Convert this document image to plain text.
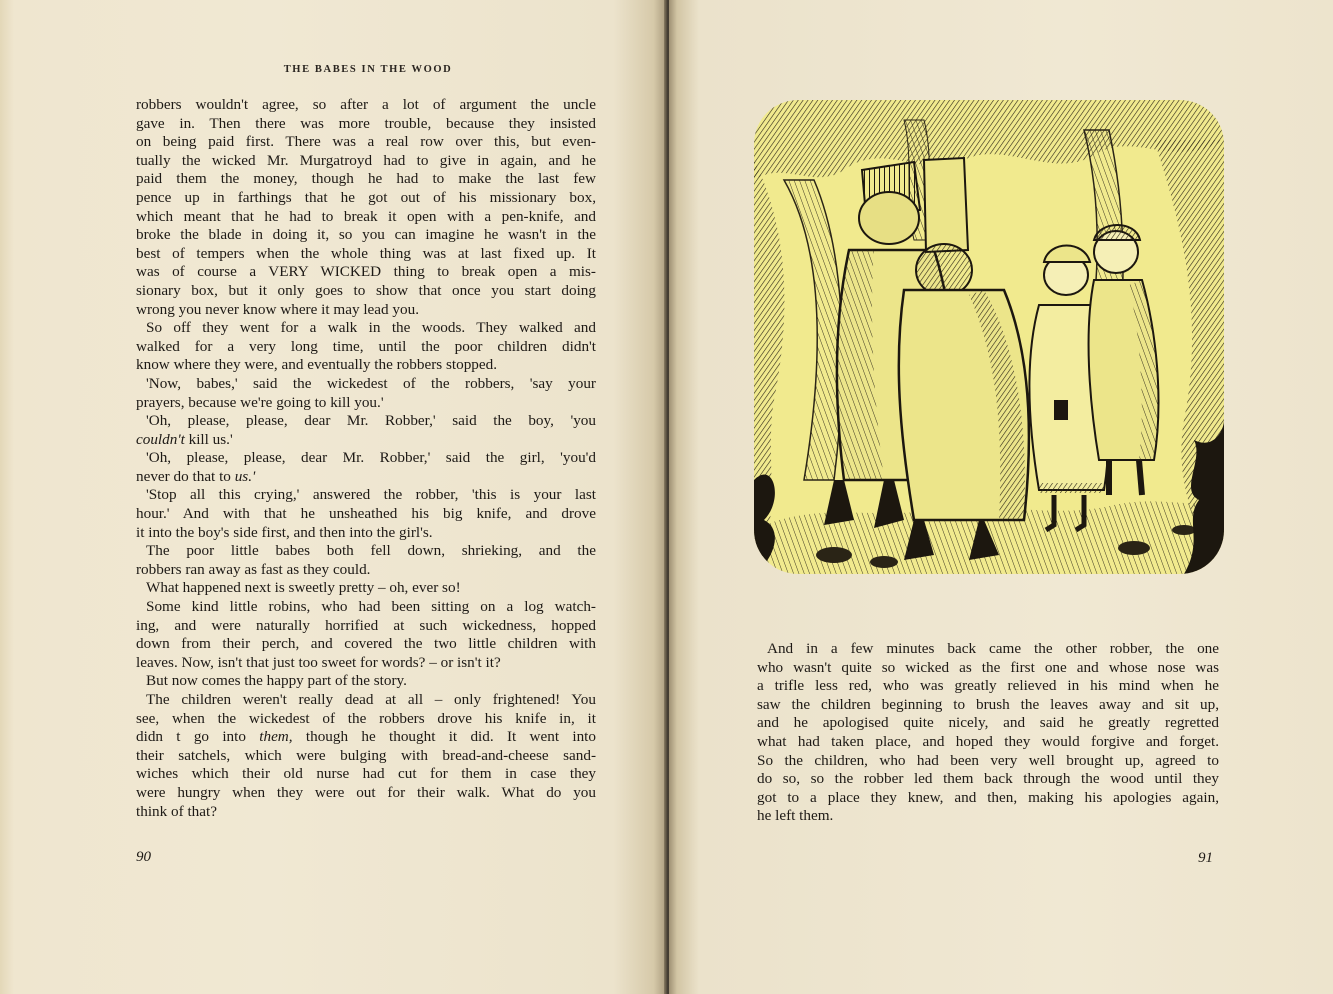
THE BABES IN THE WOOD
robbers wouldn't agree, so after a lot of argument the uncle
gave in. Then there was more trouble, because they insisted
on being paid first. There was a real row over this, but even-
tually the wicked Mr. Murgatroyd had to give in again, and he
paid them the money, though he had to make the last few
pence up in farthings that he got out of his missionary box,
which meant that he had to break it open with a pen-knife, and
broke the blade in doing it, so you can imagine he wasn't in the
best of tempers when the whole thing was at last fixed up. It
was of course a VERY WICKED thing to break open a mis-
sionary box, but it only goes to show that once you start doing
wrong you never know where it may lead you.
So off they went for a walk in the woods. They walked and
walked for a very long time, until the poor children didn't
know where they were, and eventually the robbers stopped.
'Now, babes,' said the wickedest of the robbers, 'say your
prayers, because we're going to kill you.'
'Oh, please, please, dear Mr. Robber,' said the boy, 'you
couldn't kill us.'
'Oh, please, please, dear Mr. Robber,' said the girl, 'you'd
never do that to us.'
'Stop all this crying,' answered the robber, 'this is your last
hour.' And with that he unsheathed his big knife, and drove
it into the boy's side first, and then into the girl's.
The poor little babes both fell down, shrieking, and the
robbers ran away as fast as they could.
What happened next is sweetly pretty – oh, ever so!
Some kind little robins, who had been sitting on a log watch-
ing, and were naturally horrified at such wickedness, hopped
down from their perch, and covered the two little children with
leaves. Now, isn't that just too sweet for words? – or isn't it?
But now comes the happy part of the story.
The children weren't really dead at all – only frightened! You
see, when the wickedest of the robbers drove his knife in, it
didn t go into them, though he thought it did. It went into
their satchels, which were bulging with bread-and-cheese sand-
wiches which their old nurse had cut for them in case they
were hungry when they were out for their walk. What do you
think of that?
90
And in a few minutes back came the other robber, the one
who wasn't quite so wicked as the first one and whose nose was
a trifle less red, who was greatly relieved in his mind when he
saw the children beginning to brush the leaves away and sit up,
and he apologised quite nicely, and said he greatly regretted
what had taken place, and hoped they would forgive and forget.
So the children, who had been very well brought up, agreed to
do so, so the robber led them back through the wood until they
got to a place they knew, and then, making his apologies again,
he left them.
91
